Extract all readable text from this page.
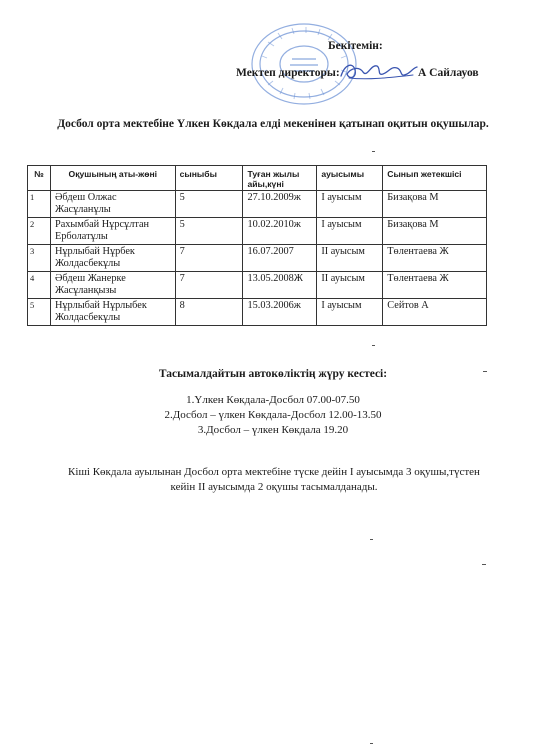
Бекітемін:
Мектеп директоры:	А Сайлауов
Досбол орта мектебіне Үлкен Көкдала елді мекенінен қатынап оқитын оқушылар.
№	Оқушының аты-жөні	сыныбы	Туған жылы айы,күні	ауысымы	Сынып жетекшісі
1	Әбдеш Олжас Жасұланұлы	5	27.10.2009ж	I ауысым	Бизақова М
2	Рахымбай Нұрсұлтан Ерболатұлы	5	10.02.2010ж	I ауысым	Бизақова М
3	Нұрлыбай Нұрбек Жолдасбекұлы	7	16.07.2007	II ауысым	Төлентаева Ж
4	Әбдеш Жанерке Жасұланқызы	7	13.05.2008Ж	II ауысым	Төлентаева Ж
5	Нұрлыбай Нұрлыбек Жолдасбекұлы	8	15.03.2006ж	I ауысым	Сейтов А
Тасымалдайтын автокөліктің жүру кестесі:
1.Үлкен Көкдала-Досбол 07.00-07.50
2.Досбол – үлкен Көкдала-Досбол 12.00-13.50
3.Досбол – үлкен Көкдала 19.20
Кіші Көкдала ауылынан Досбол орта мектебіне түске дейін I ауысымда 3 оқушы,түстен кейін II ауысымда 2 оқушы тасымалданады.
